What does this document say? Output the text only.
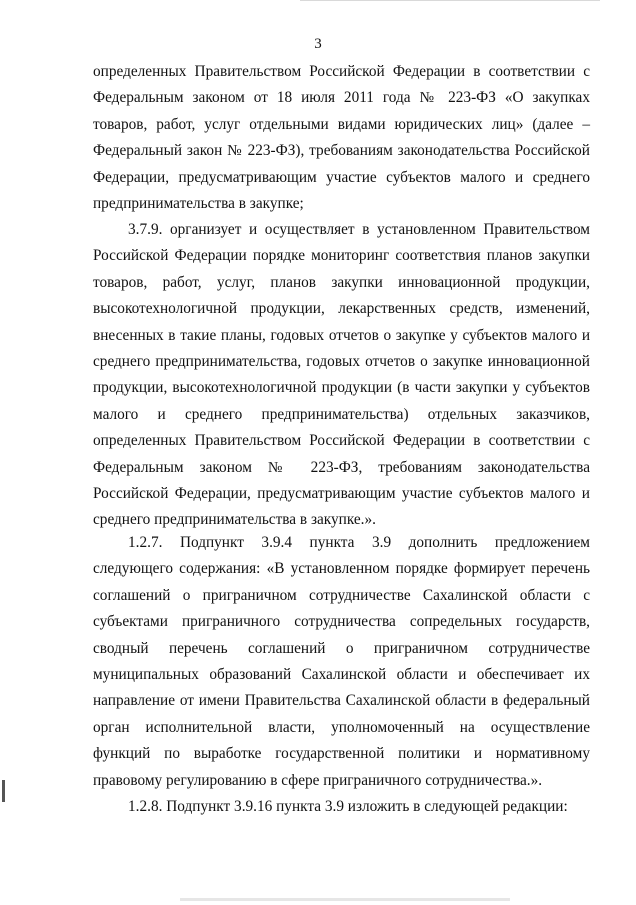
3

определенных Правительством Российской Федерации в соответствии с Федеральным законом от 18 июля 2011 года № 223-ФЗ «О закупках товаров, работ, услуг отдельными видами юридических лиц» (далее – Федеральный закон № 223-ФЗ), требованиям законодательства Российской Федерации, предусматривающим участие субъектов малого и среднего предпринимательства в закупке;

3.7.9. организует и осуществляет в установленном Правительством Российской Федерации порядке мониторинг соответствия планов закупки товаров, работ, услуг, планов закупки инновационной продукции, высокотехнологичной продукции, лекарственных средств, изменений, внесенных в такие планы, годовых отчетов о закупке у субъектов малого и среднего предпринимательства, годовых отчетов о закупке инновационной продукции, высокотехнологичной продукции (в части закупки у субъектов малого и среднего предпринимательства) отдельных заказчиков, определенных Правительством Российской Федерации в соответствии с Федеральным законом № 223-ФЗ, требованиям законодательства Российской Федерации, предусматривающим участие субъектов малого и среднего предпринимательства в закупке.».

1.2.7. Подпункт 3.9.4 пункта 3.9 дополнить предложением следующего содержания: «В установленном порядке формирует перечень соглашений о приграничном сотрудничестве Сахалинской области с субъектами приграничного сотрудничества сопредельных государств, сводный перечень соглашений о приграничном сотрудничестве муниципальных образований Сахалинской области и обеспечивает их направление от имени Правительства Сахалинской области в федеральный орган исполнительной власти, уполномоченный на осуществление функций по выработке государственной политики и нормативному правовому регулированию в сфере приграничного сотрудничества.».

1.2.8. Подпункт 3.9.16 пункта 3.9 изложить в следующей редакции:
